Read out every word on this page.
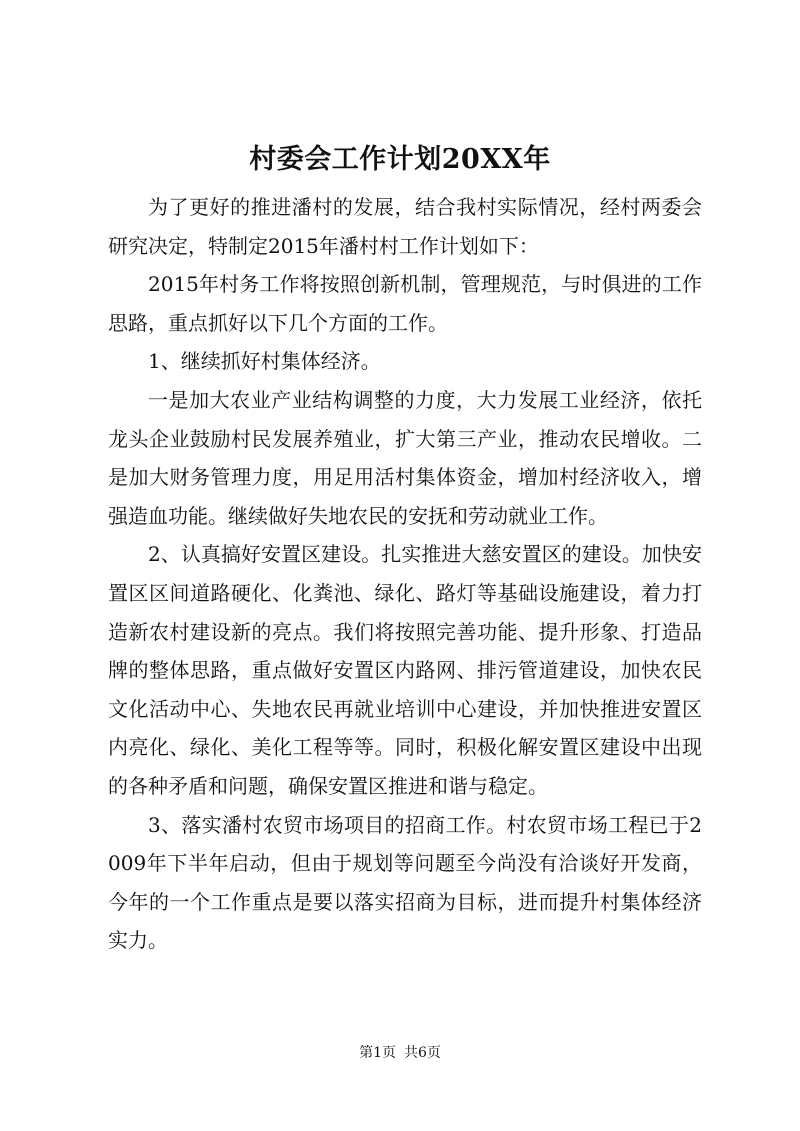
村委会工作计划20XX年

为了更好的推进潘村的发展，结合我村实际情况，经村两委会研究决定，特制定2015年潘村村工作计划如下：

2015年村务工作将按照创新机制，管理规范，与时俱进的工作思路，重点抓好以下几个方面的工作。

1、继续抓好村集体经济。

一是加大农业产业结构调整的力度，大力发展工业经济，依托龙头企业鼓励村民发展养殖业，扩大第三产业，推动农民增收。二是加大财务管理力度，用足用活村集体资金，增加村经济收入，增强造血功能。继续做好失地农民的安抚和劳动就业工作。

2、认真搞好安置区建设。扎实推进大慈安置区的建设。加快安置区区间道路硬化、化粪池、绿化、路灯等基础设施建设，着力打造新农村建设新的亮点。我们将按照完善功能、提升形象、打造品牌的整体思路，重点做好安置区内路网、排污管道建设，加快农民文化活动中心、失地农民再就业培训中心建设，并加快推进安置区内亮化、绿化、美化工程等等。同时，积极化解安置区建设中出现的各种矛盾和问题，确保安置区推进和谐与稳定。

3、落实潘村农贸市场项目的招商工作。村农贸市场工程已于2009年下半年启动，但由于规划等问题至今尚没有洽谈好开发商，今年的一个工作重点是要以落实招商为目标，进而提升村集体经济实力。

第1页 共6页
